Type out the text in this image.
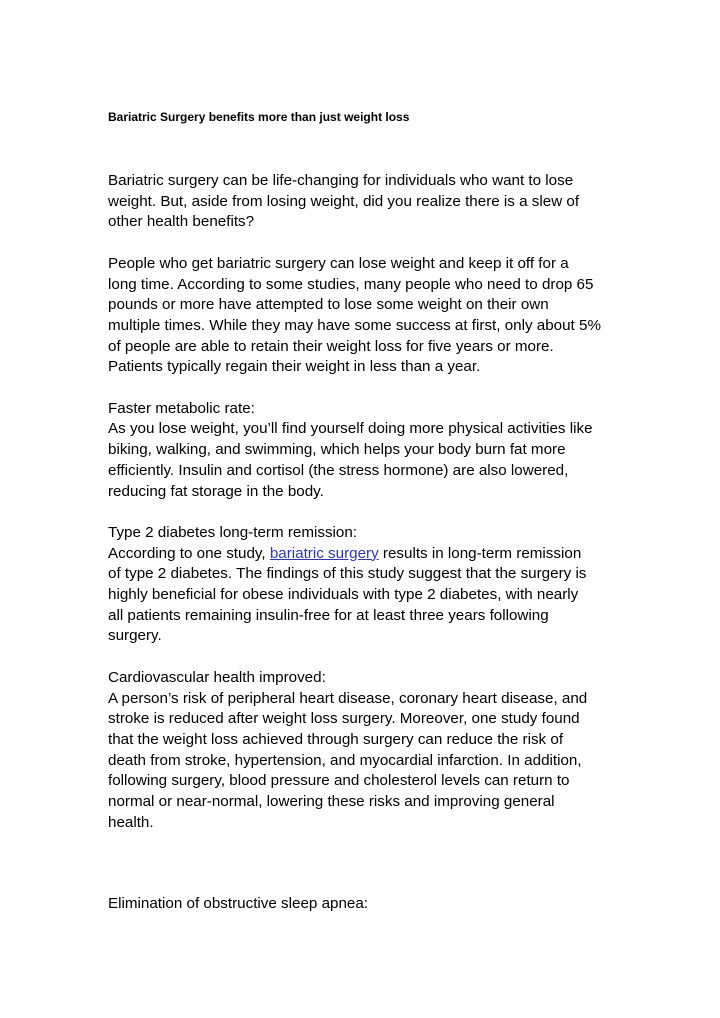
Bariatric Surgery benefits more than just weight loss

Bariatric surgery can be life-changing for individuals who want to lose
weight. But, aside from losing weight, did you realize there is a slew of
other health benefits?

People who get bariatric surgery can lose weight and keep it off for a
long time. According to some studies, many people who need to drop 65
pounds or more have attempted to lose some weight on their own
multiple times. While they may have some success at first, only about 5%
of people are able to retain their weight loss for five years or more.
Patients typically regain their weight in less than a year.

Faster metabolic rate:
As you lose weight, you’ll find yourself doing more physical activities like
biking, walking, and swimming, which helps your body burn fat more
efficiently. Insulin and cortisol (the stress hormone) are also lowered,
reducing fat storage in the body.

Type 2 diabetes long-term remission:
According to one study, bariatric surgery results in long-term remission
of type 2 diabetes. The findings of this study suggest that the surgery is
highly beneficial for obese individuals with type 2 diabetes, with nearly
all patients remaining insulin-free for at least three years following
surgery.

Cardiovascular health improved:
A person’s risk of peripheral heart disease, coronary heart disease, and
stroke is reduced after weight loss surgery. Moreover, one study found
that the weight loss achieved through surgery can reduce the risk of
death from stroke, hypertension, and myocardial infarction. In addition,
following surgery, blood pressure and cholesterol levels can return to
normal or near-normal, lowering these risks and improving general
health.

Elimination of obstructive sleep apnea:
